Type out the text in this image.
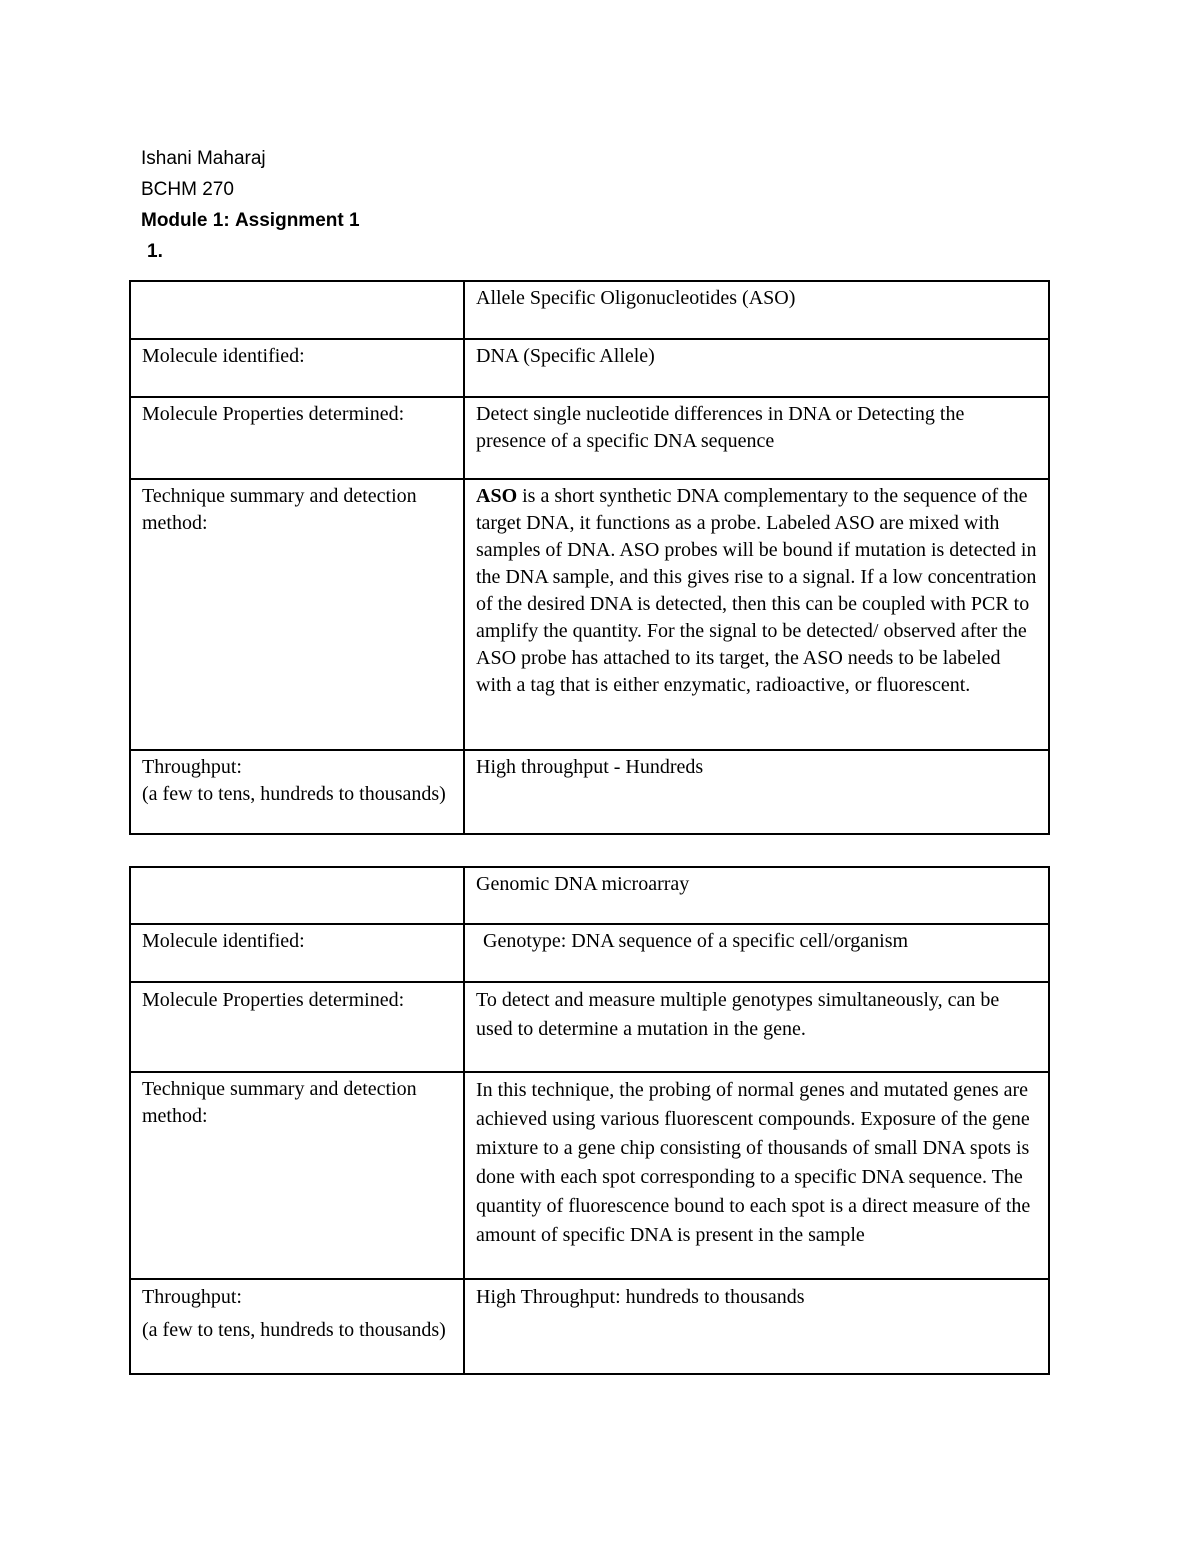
Ishani Maharaj
BCHM 270
Module 1: Assignment 1
1.
	Allele Specific Oligonucleotides (ASO)
Molecule identified:	DNA (Specific Allele)
Molecule Properties determined:	Detect single nucleotide differences in DNA or Detecting the presence of a specific DNA sequence
Technique summary and detection method:	ASO is a short synthetic DNA complementary to the sequence of the target DNA, it functions as a probe. Labeled ASO are mixed with samples of DNA. ASO probes will be bound if mutation is detected in the DNA sample, and this gives rise to a signal. If a low concentration of the desired DNA is detected, then this can be coupled with PCR to amplify the quantity. For the signal to be detected/ observed after the ASO probe has attached to its target, the ASO needs to be labeled with a tag that is either enzymatic, radioactive, or fluorescent.

Throughput:
(a few to tens, hundreds to thousands)	High throughput - Hundreds
	Genomic DNA microarray
Molecule identified:	Genotype: DNA sequence of a specific cell/organism
Molecule Properties determined:	To detect and measure multiple genotypes simultaneously, can be used to determine a mutation in the gene.
Technique summary and detection method:	In this technique, the probing of normal genes and mutated genes are achieved using various fluorescent compounds. Exposure of the gene mixture to a gene chip consisting of thousands of small DNA spots is done with each spot corresponding to a specific DNA sequence. The quantity of fluorescence bound to each spot is a direct measure of the amount of specific DNA is present in the sample

Throughput:
(a few to tens, hundreds to thousands)	High Throughput: hundreds to thousands
